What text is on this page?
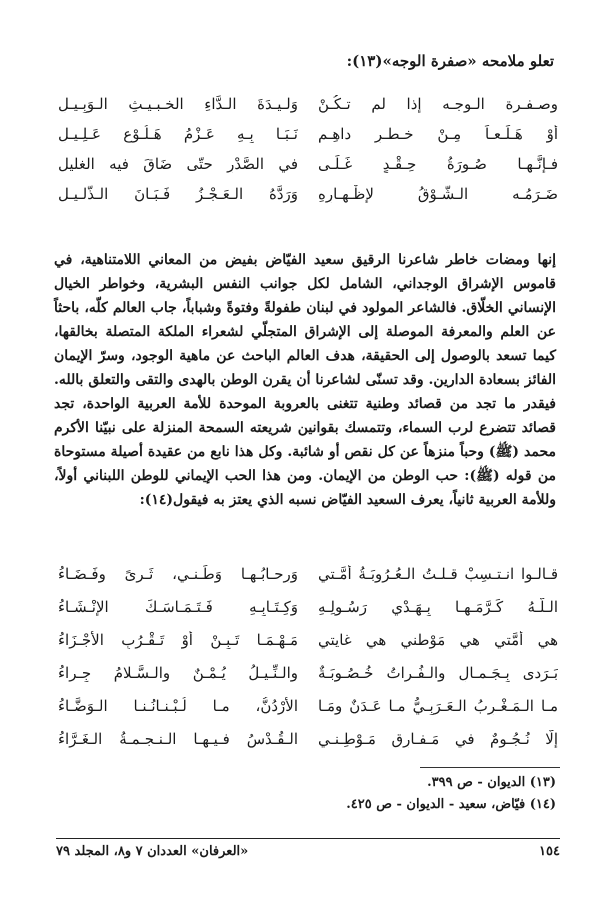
تعلو ملامحه «صفرة الوجه»(١٣):
وصـفـرة الـوجـه إذا لم تـكُـنْ
وَلـيـدَةَ الـدَّاءِ الخـبـيـثِ الـوَبِـيـلِ
أوْ هَـلَـعـاً مِـنْ خـطـرٍ داهِـمٍ
نَـبَـا بِـهِ عَـزْمُ هَـلُـوْعٍ عَـلِـيـلِ
فـإنَّـهـا صُـورَةُ حِـقْـدٍ غَـلَـى
في الصَّدْرِ حتّى ضَاقَ فيه الغليل
ضَـرَمُـه الـشَّـوْقُ لإظْـهـارِهِ
وَرَدَّهُ الـعَـجْـزُ فَـبَـانَ الـذَّلـيـل

إنها ومضات خاطر شاعرنا الرقيق سعيد الفيّاض بفيض من المعاني اللامتناهية، في قاموس الإشراق الوجداني، الشامل لكل جوانب النفس البشرية، وخواطر الخيال الإنساني الخلّاق. فالشاعر المولود في لبنان طفولةً وفتوةً وشباباً، جاب العالم كلّه، باحثاً عن العلم والمعرفة الموصلة إلى الإشراق المتجلّي لشعراء الملكة المتصلة بخالقها، كيما تسعد بالوصول إلى الحقيقة، هدف العالم الباحث عن ماهية الوجود، وسرّ الإيمان الفائز بسعادة الدارين. وقد تسنّى لشاعرنا أن يقرن الوطن بالهدى والتقى والتعلق بالله. فيقدر ما تجد من قصائد وطنية تتغنى بالعروبة الموحدة للأمة العربية الواحدة، تجد قصائد تتضرع لرب السماء، وتتمسك بقوانين شريعته السمحة المنزلة على نبيّنا الأكرم محمد (ﷺ) وحباً منزهاً عن كل نقص أو شائبة. وكل هذا نابع من عقيدة أصيلة مستوحاة من قوله (ﷺ): حب الوطن من الإيمان. ومن هذا الحب الإيماني للوطن اللبناني أولاً، وللأمة العربية ثانياً، يعرف السعيد الفيّاض نسبه الذي يعتز به فيقول(١٤):

قـالـوا انـتـسِبْ قـلـتُ الـعُـرُوبَـةُ أُمَّـتي
وَرِحـابُـهـا وَطَـنـي، ثَـرىً وفَـضَـاءُ
الـلَّـهُ كَـرَّمَـهـا بِـهَـدْيِ رَسُـولِـهِ
وَكِـتَـابِـهِ فَـتَـمَـاسَـكَ الإِنْـشَـاءُ
هي أُمَّتي هي مَوْطني هي غايتي
مَـهْـمَـا تَـبِـنْ أَوْ تَـقْـرُبِ الأَجْـزَاءُ
بَـرَدى بِـجَـمـالِ والـفُـراتُ خُـصُـوبَـةٌ
والـنِّـيـلُ يُـمْـنٌ والـسَّـلامُ جِـراءُ
مـا الـمَـغْـرِبُ الـعَـرَبِـيُّ مـا عَـدَنٌ ومَـا
الأُرْدُنُّ، مـا لُـبْـنـانُـنـا الـوَضَّـاءُ
إلَّا نُـجُـومٌ في مَـفـارِقِ مَـوْطِـنـي
الـقُـدْسُ فـيـهـا الـنـجـمـةُ الـغَـرَّاءُ
(١٣) الديوان - ص ٣٩٩.
(١٤) فيّاض، سعيد - الديوان - ص ٤٢٥.
١٥٤
«العرفان» العددان ٧ و٨، المجلد ٧٩
